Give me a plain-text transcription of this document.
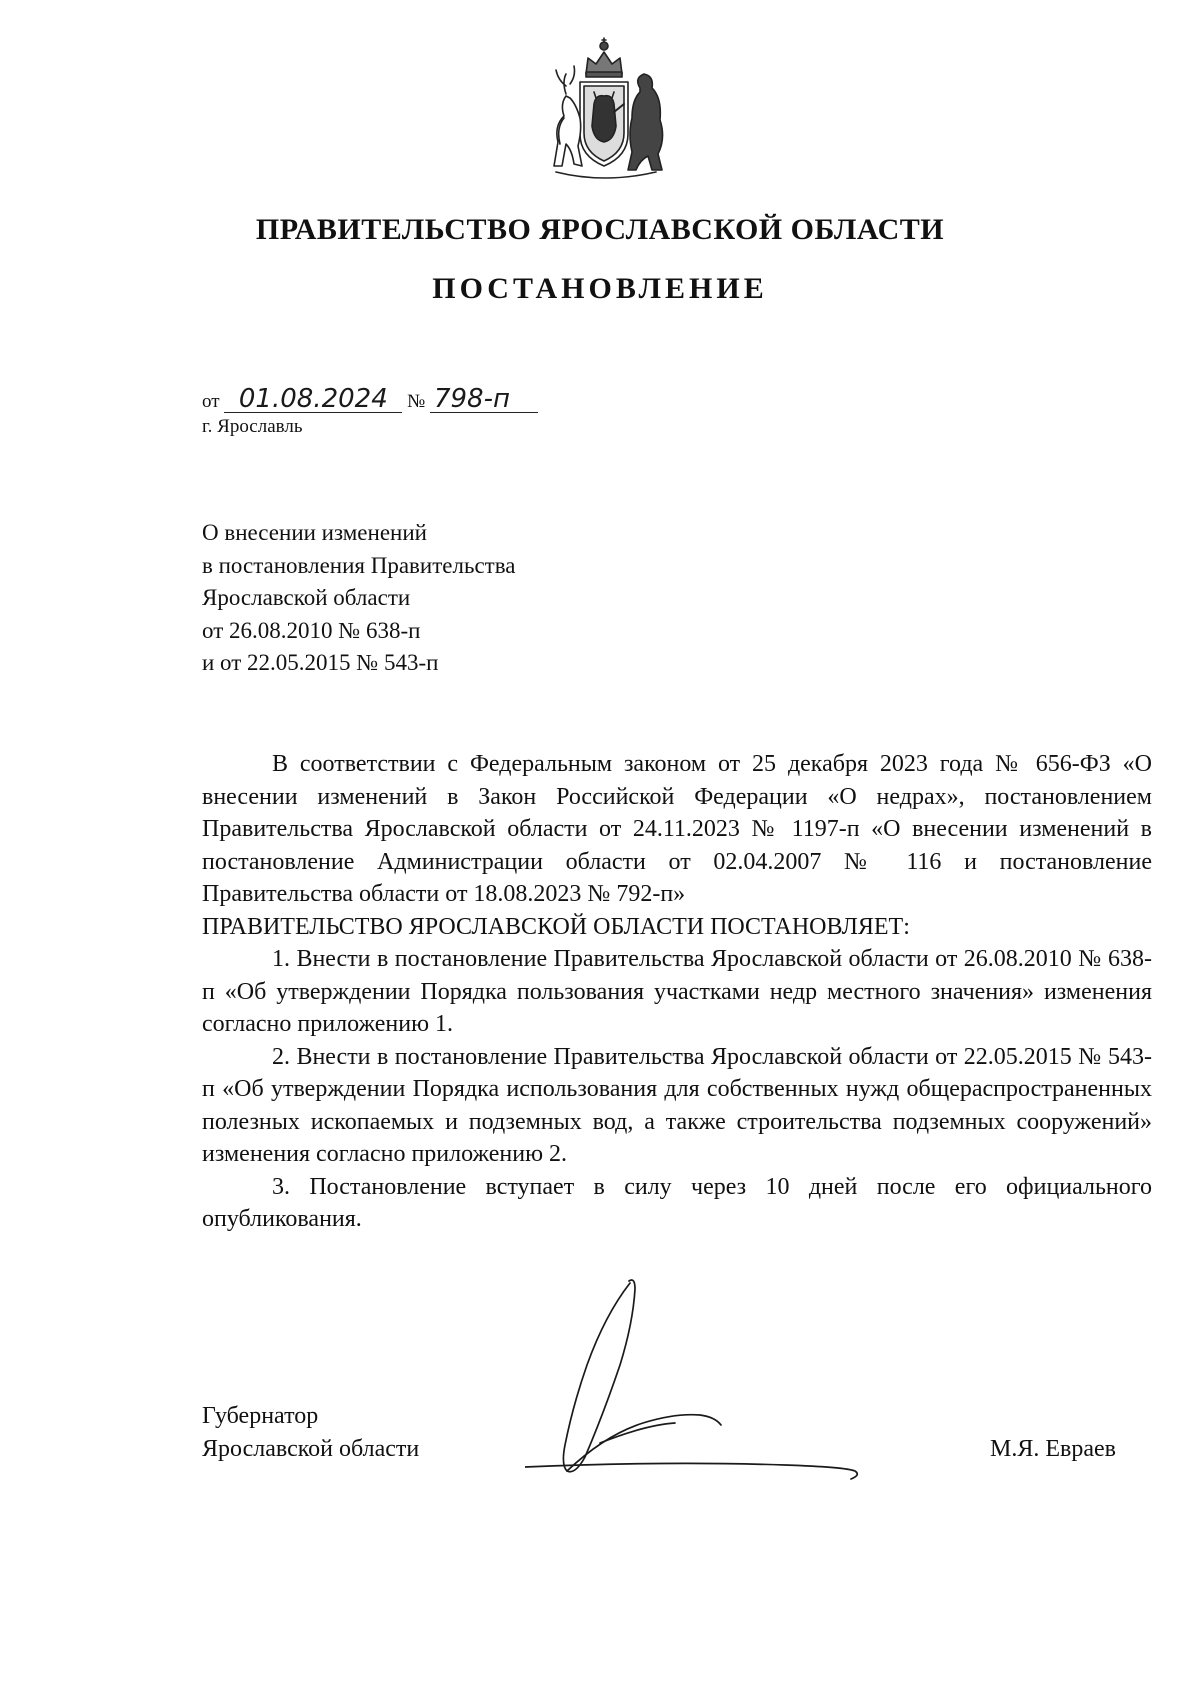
ПРАВИТЕЛЬСТВО ЯРОСЛАВСКОЙ ОБЛАСТИ
ПОСТАНОВЛЕНИЕ
от 01.08.2024 № 798-п
г. Ярославль
О внесении изменений
в постановления Правительства
Ярославской области
от 26.08.2010 № 638-п
и от 22.05.2015 № 543-п

В соответствии с Федеральным законом от 25 декабря 2023 года № 656-ФЗ «О внесении изменений в Закон Российской Федерации «О недрах», постановлением Правительства Ярославской области от 24.11.2023 № 1197-п «О внесении изменений в постановление Администрации области от 02.04.2007 № 116 и постановление Правительства области от 18.08.2023 № 792-п»

ПРАВИТЕЛЬСТВО ЯРОСЛАВСКОЙ ОБЛАСТИ ПОСТАНОВЛЯЕТ:

1. Внести в постановление Правительства Ярославской области от 26.08.2010 № 638-п «Об утверждении Порядка пользования участками недр местного значения» изменения согласно приложению 1.

2. Внести в постановление Правительства Ярославской области от 22.05.2015 № 543-п «Об утверждении Порядка использования для собственных нужд общераспространенных полезных ископаемых и подземных вод, а также строительства подземных сооружений» изменения согласно приложению 2.

3. Постановление вступает в силу через 10 дней после его официального опубликования.

Губернатор
Ярославской области	М.Я. Евраев
